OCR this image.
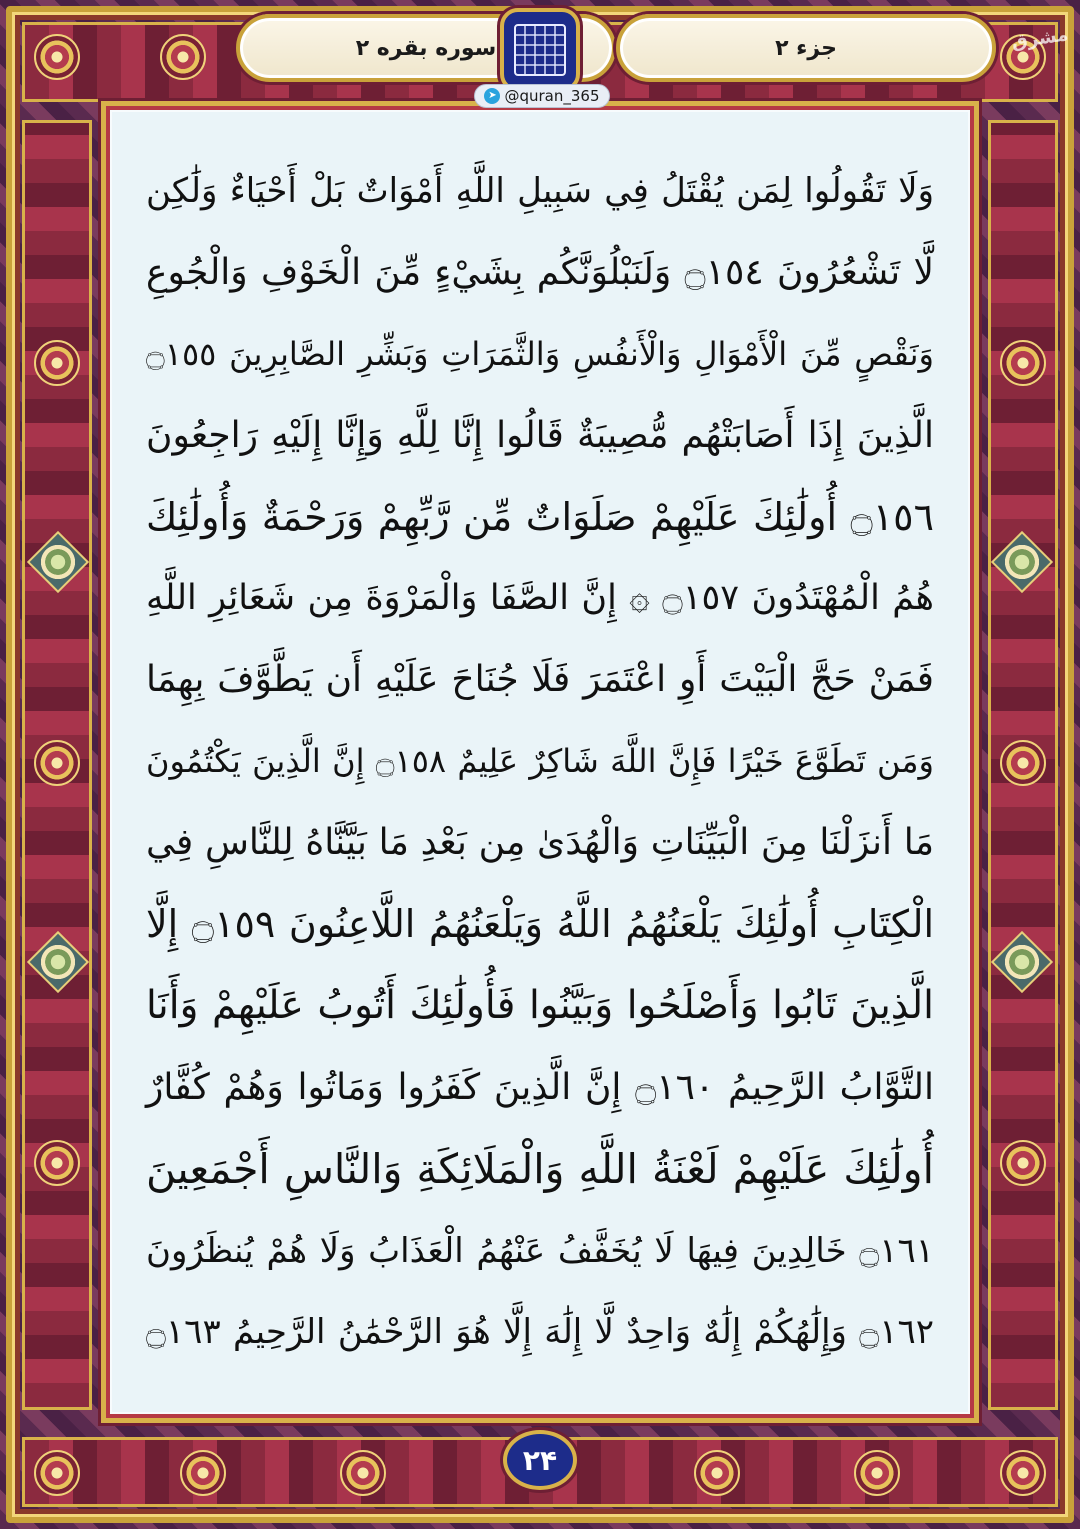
سوره بقره ۲	جزء ۲	مشرق
➤ @quran_365
وَلَا تَقُولُوا لِمَن يُقْتَلُ فِي سَبِيلِ اللَّهِ أَمْوَاتٌ بَلْ أَحْيَاءٌ وَلَٰكِن
لَّا تَشْعُرُونَ ۝١٥٤ وَلَنَبْلُوَنَّكُم بِشَيْءٍ مِّنَ الْخَوْفِ وَالْجُوعِ
وَنَقْصٍ مِّنَ الْأَمْوَالِ وَالْأَنفُسِ وَالثَّمَرَاتِ وَبَشِّرِ الصَّابِرِينَ ۝١٥٥
الَّذِينَ إِذَا أَصَابَتْهُم مُّصِيبَةٌ قَالُوا إِنَّا لِلَّهِ وَإِنَّا إِلَيْهِ رَاجِعُونَ
۝١٥٦ أُولَٰئِكَ عَلَيْهِمْ صَلَوَاتٌ مِّن رَّبِّهِمْ وَرَحْمَةٌ وَأُولَٰئِكَ
هُمُ الْمُهْتَدُونَ ۝١٥٧ ۞ إِنَّ الصَّفَا وَالْمَرْوَةَ مِن شَعَائِرِ اللَّهِ
فَمَنْ حَجَّ الْبَيْتَ أَوِ اعْتَمَرَ فَلَا جُنَاحَ عَلَيْهِ أَن يَطَّوَّفَ بِهِمَا
وَمَن تَطَوَّعَ خَيْرًا فَإِنَّ اللَّهَ شَاكِرٌ عَلِيمٌ ۝١٥٨ إِنَّ الَّذِينَ يَكْتُمُونَ
مَا أَنزَلْنَا مِنَ الْبَيِّنَاتِ وَالْهُدَىٰ مِن بَعْدِ مَا بَيَّنَّاهُ لِلنَّاسِ فِي
الْكِتَابِ أُولَٰئِكَ يَلْعَنُهُمُ اللَّهُ وَيَلْعَنُهُمُ اللَّاعِنُونَ ۝١٥٩ إِلَّا
الَّذِينَ تَابُوا وَأَصْلَحُوا وَبَيَّنُوا فَأُولَٰئِكَ أَتُوبُ عَلَيْهِمْ وَأَنَا
التَّوَّابُ الرَّحِيمُ ۝١٦٠ إِنَّ الَّذِينَ كَفَرُوا وَمَاتُوا وَهُمْ كُفَّارٌ
أُولَٰئِكَ عَلَيْهِمْ لَعْنَةُ اللَّهِ وَالْمَلَائِكَةِ وَالنَّاسِ أَجْمَعِينَ
۝١٦١ خَالِدِينَ فِيهَا لَا يُخَفَّفُ عَنْهُمُ الْعَذَابُ وَلَا هُمْ يُنظَرُونَ
۝١٦٢ وَإِلَٰهُكُمْ إِلَٰهٌ وَاحِدٌ لَّا إِلَٰهَ إِلَّا هُوَ الرَّحْمَٰنُ الرَّحِيمُ ۝١٦٣
۲۴
